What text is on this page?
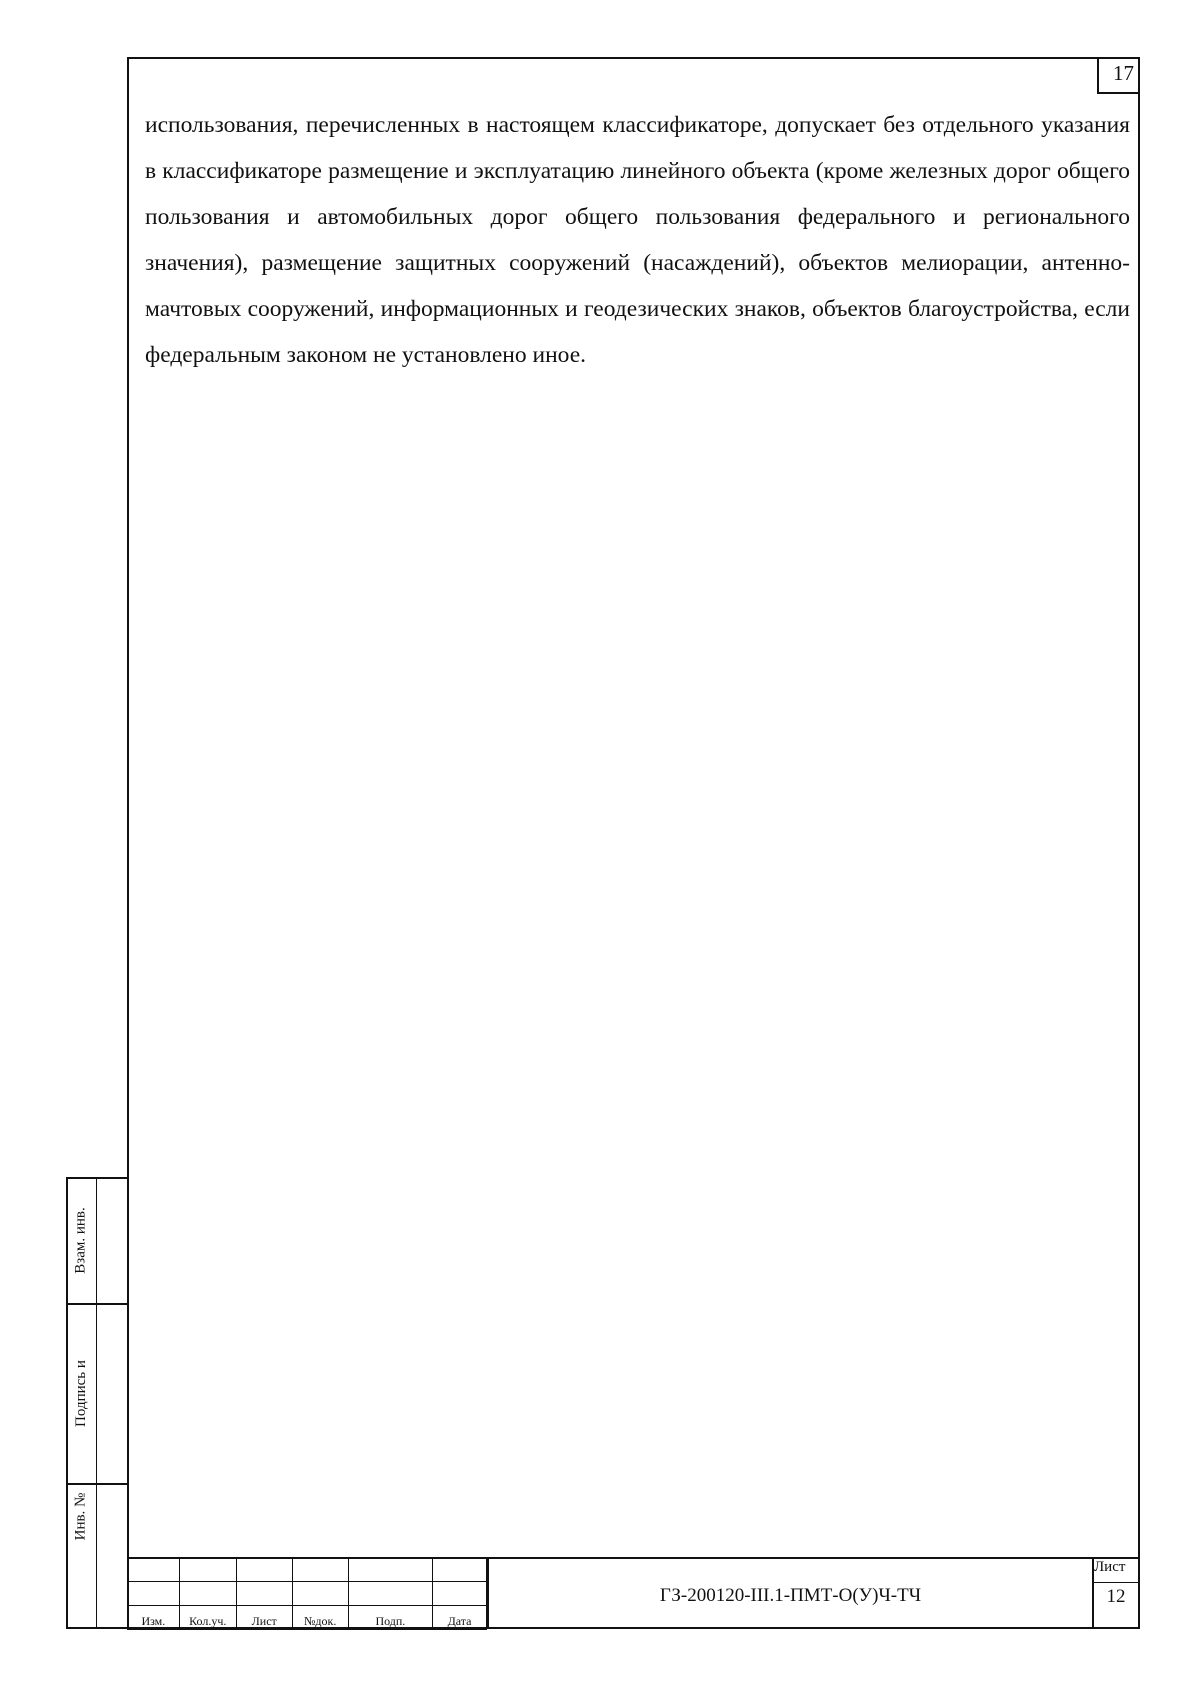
17

использования, перечисленных в настоящем классификаторе, допускает без отдельного указания в классификаторе размещение и эксплуатацию линейного объекта (кроме железных дорог общего пользования и автомобильных дорог общего пользования федерального и регионального значения), размещение защитных сооружений (насаждений), объектов мелиорации, антенно-мачтовых сооружений, информационных и геодезических знаков, объектов благоустройства, если федеральным законом не установлено иное.

Взам. инв.
Подпись и
Инв. №

Изм.	Кол.уч.	Лист	№док.	Подп.	Дата
ГЗ-200120-III.1-ПМТ-О(У)Ч-ТЧ
Лист
12
